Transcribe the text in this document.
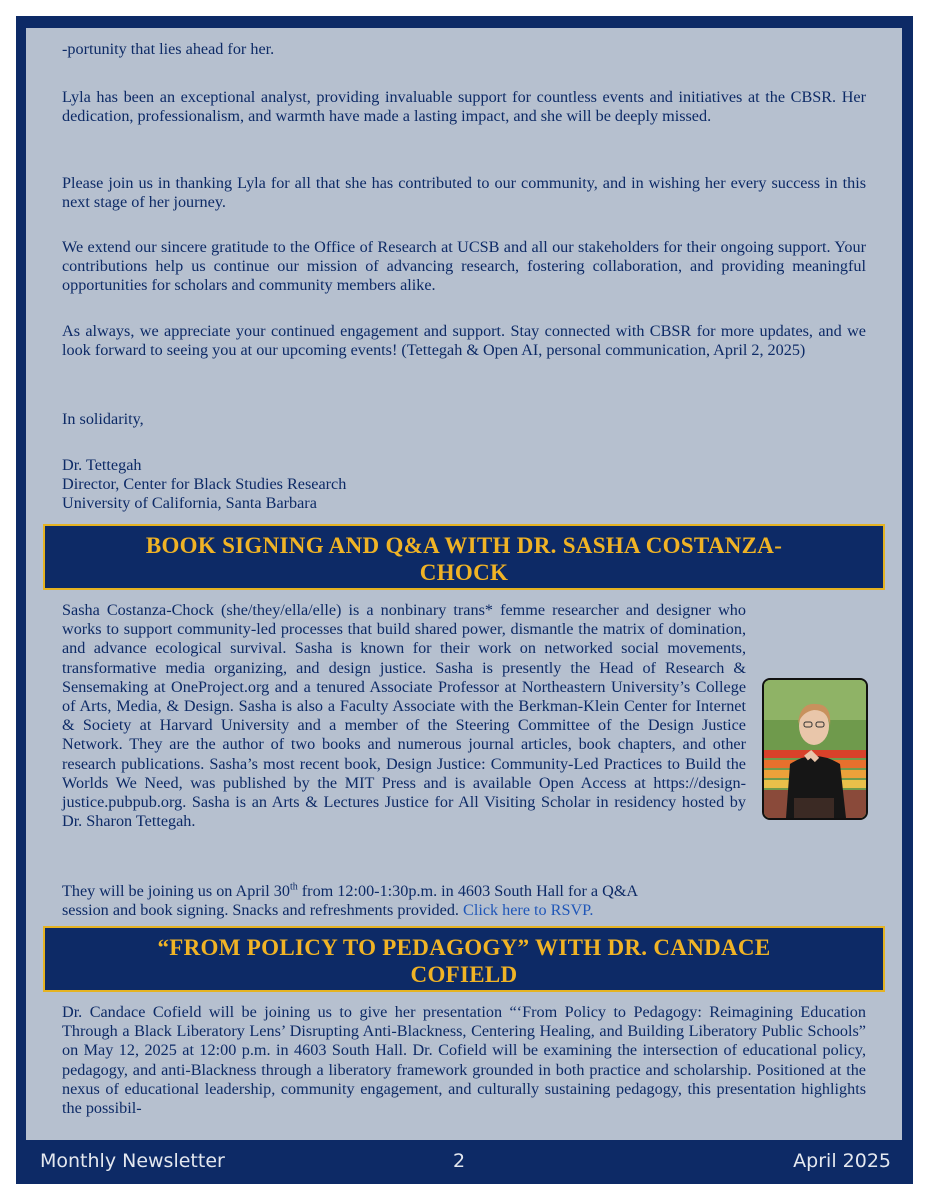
-portunity that lies ahead for her.

Lyla has been an exceptional analyst, providing invaluable support for countless events and initiatives at the CBSR. Her dedication, professionalism, and warmth have made a lasting impact, and she will be deeply missed.

Please join us in thanking Lyla for all that she has contributed to our community, and in wishing her every success in this next stage of her journey.

We extend our sincere gratitude to the Office of Research at UCSB and all our stakeholders for their ongoing support. Your contributions help us continue our mission of advancing research, fostering collaboration, and providing meaningful opportunities for scholars and community members alike.

As always, we appreciate your continued engagement and support. Stay connected with CBSR for more updates, and we look forward to seeing you at our upcoming events! (Tettegah & Open AI, personal communication, April 2, 2025)

In solidarity,

Dr. Tettegah
Director, Center for Black Studies Research
University of California, Santa Barbara
BOOK SIGNING AND Q&A WITH DR. SASHA COSTANZA-
CHOCK

Sasha Costanza-Chock (she/they/ella/elle) is a nonbinary trans* femme researcher and designer who works to support community-led processes that build shared power, dismantle the matrix of domination, and advance ecological survival. Sasha is known for their work on networked social movements, transformative media organizing, and design justice. Sasha is presently the Head of Research & Sensemaking at OneProject.org and a tenured Associate Professor at Northeastern University’s College of Arts, Media, & Design. Sasha is also a Faculty Associate with the Berkman-Klein Center for Internet & Society at Harvard University and a member of the Steering Committee of the Design Justice Network. They are the author of two books and numerous journal articles, book chapters, and other research publications. Sasha’s most recent book, Design Justice: Community-Led Practices to Build the Worlds We Need, was published by the MIT Press and is available Open Access at https://design-justice.pubpub.org. Sasha is an Arts & Lectures Justice for All Visiting Scholar in residency hosted by Dr. Sharon Tettegah.

They will be joining us on April 30th from 12:00-1:30p.m. in 4603 South Hall for a Q&A
session and book signing. Snacks and refreshments provided. Click here to RSVP.
“FROM POLICY TO PEDAGOGY” WITH DR. CANDACE
COFIELD

Dr. Candace Cofield will be joining us to give her presentation “‘From Policy to Pedagogy: Reimagining Education Through a Black Liberatory Lens’ Disrupting Anti-Blackness, Centering Healing, and Building Liberatory Public Schools” on May 12, 2025 at 12:00 p.m. in 4603 South Hall. Dr. Cofield will be examining the intersection of educational policy, pedagogy, and anti-Blackness through a liberatory framework grounded in both practice and scholarship. Positioned at the nexus of educational leadership, community engagement, and culturally sustaining pedagogy, this presentation highlights the possibil-

Monthly Newsletter	2	April 2025
